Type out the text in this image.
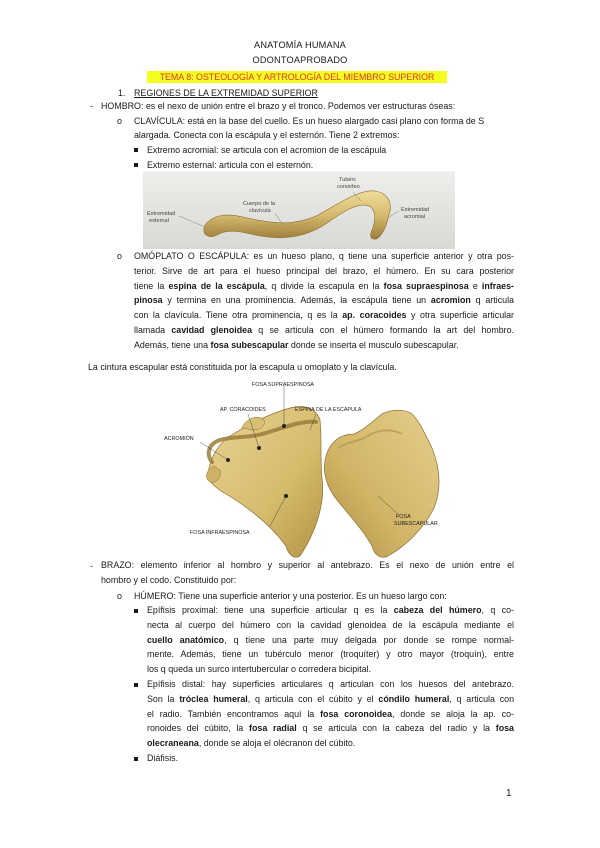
ANATOMÍA HUMANA
ODONTOAPROBADO
TEMA 8: OSTEOLOGÍA Y ARTROLOGÍA DEL MIEMBRO SUPERIOR
1. REGIONES DE LA EXTREMIDAD SUPERIOR
- HOMBRO: es el nexo de unión entre el brazo y el tronco. Podemos ver estructuras óseas:
o CLAVÍCULA: está en la base del cuello. Es un hueso alargado casi plano con forma de S
alargada. Conecta con la escápula y el esternón. Tiene 2 extremos:
Extremo acromial: se articula con el acromion de la escápula
Extremo esternal: articula con el esternón.
Tubérc
conoideo
Cuerpo de la
clavícula
Extremidad
esternal
Extremidad
acromial
o OMÓPLATO O ESCÁPULA: es un hueso plano, q tiene una superficie anterior y otra pos-
terior. Sirve de art para el hueso principal del brazo, el húmero. En su cara posterior
tiene la espina de la escápula, q divide la escapula en la fosa supraespinosa e infraes-
pinosa y termina en una prominencia. Además, la escápula tiene un acromion q articula
con la clavícula. Tiene otra prominencia, q es la ap. coracoides y otra superficie articular
llamada cavidad glenoidea q se articula con el húmero formando la art del hombro.
Además, tiene una fosa subescapular donde se inserta el musculo subescapular.
La cintura escapular está constituida por la escapula u omoplato y la clavícula.
FOSA SUPRAESPINOSA
AP. CORACOIDES	ESPINA DE LA ESCÁPULA
ACROMIÓN
FOSA INFRAESPINOSA
FOSA
SUBESCAPULAR
- BRAZO: elemento inferior al hombro y superior al antebrazo. Es el nexo de unión entre el
hombro y el codo. Constituido por:
o HÚMERO: Tiene una superficie anterior y una posterior. Es un hueso largo con:
Epífisis proximal: tiene una superficie articular q es la cabeza del húmero, q co-
necta al cuerpo del húmero con la cavidad glenoidea de la escápula mediante el
cuello anatómico, q tiene una parte muy delgada por donde se rompe normal-
mente. Además, tiene un tubérculo menor (troquíter) y otro mayor (troquín), entre
los q queda un surco intertubercular o corredera bicipital.
Epífisis distal: hay superficies articulares q articulan con los huesos del antebrazo.
Son la tróclea humeral, q articula con el cúbito y el cóndilo humeral, q articula con
el radio. También encontramos aquí la fosa coronoidea, donde se aloja la ap. co-
ronoides del cúbito, la fosa radial q se articula con la cabeza del radio y la fosa
olecraneana, donde se aloja el olécranon del cúbito.
Diáfisis.
1
